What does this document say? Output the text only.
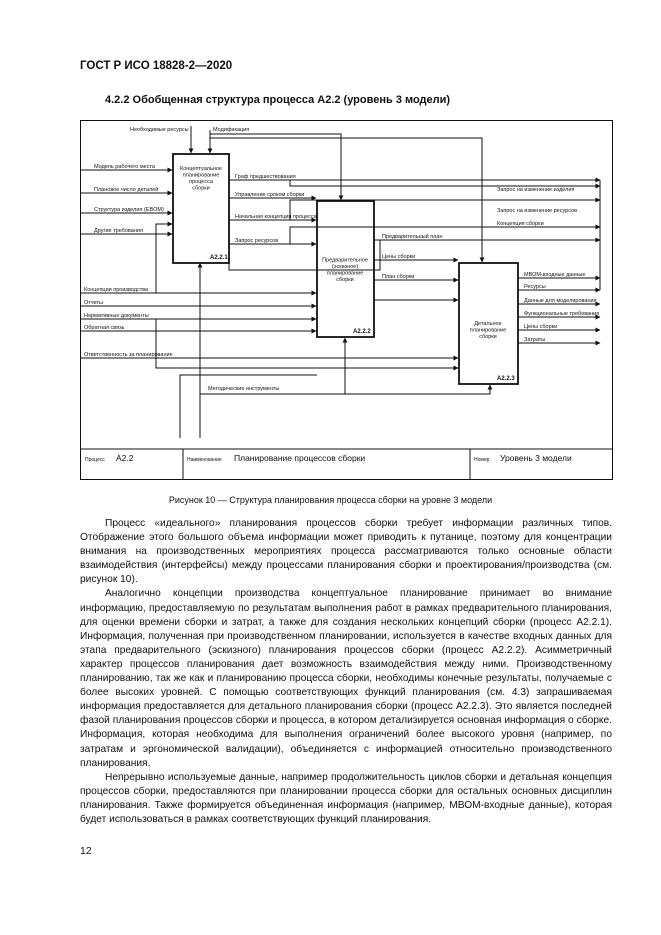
ГОСТ Р ИСО 18828-2—2020
4.2.2 Обобщенная структура процесса А2.2 (уровень 3 модели)
Необходимые ресурсы	Модификация
Модель рабочего места
Плановое число деталей
Структура изделия (EBOM)
Другие требования
Концепции производства
Отчеты
Нормативные документы
Обратная связь
Ответственность за планирование
Граф предшествования
Управление сроком сборки
Начальная концепция процесса
Запрос ресурсов
Предварительный план
Цены сборки
План сборки
Запрос на изменение изделия
Запрос на изменение ресурсов
Концепция сборки
МВОМ-входные данные
Ресурсы
Данные для моделирования
Функциональные требования
Цены сборки
Затраты
Методические инструменты
Концептуальное планирование процесса сборки
Предварительное (эскизное) планирование сборки
Детальное планирование сборки
A2.2.1
A2.2.2
A2.2.3
Процесс A2.2	Наименование Планирование процессов сборки	Номер Уровень 3 модели
Рисунок 10 — Структура планирования процесса сборки на уровне 3 модели

Процесс «идеального» планирования процессов сборки требует информации различных типов. Отображение этого большого объема информации может приводить к путанице, поэтому для концентрации внимания на производственных мероприятиях процесса рассматриваются только основные области взаимодействия (интерфейсы) между процессами планирования сборки и проектирования/производства (см. рисунок 10).

Аналогично концепции производства концептуальное планирование принимает во внимание информацию, предоставляемую по результатам выполнения работ в рамках предварительного планирования, для оценки времени сборки и затрат, а также для создания нескольких концепций сборки (процесс A2.2.1). Информация, полученная при производственном планировании, используется в качестве входных данных для этапа предварительного (эскизного) планирования процессов сборки (процесс A2.2.2). Асимметричный характер процессов планирования дает возможность взаимодействия между ними. Производственному планированию, так же как и планированию процесса сборки, необходимы конечные результаты, получаемые с более высоких уровней. С помощью соответствующих функций планирования (см. 4.3) запрашиваемая информация предоставляется для детального планирования сборки (процесс A2.2.3). Это является последней фазой планирования процессов сборки и процесса, в котором детализируется основная информация о сборке. Информация, которая необходима для выполнения ограничений более высокого уровня (например, по затратам и эргономической валидации), объединяется с информацией относительно производственного планирования.

Непрерывно используемые данные, например продолжительность циклов сборки и детальная концепция процессов сборки, предоставляются при планировании процесса сборки для остальных основных дисциплин планирования. Также формируется объединенная информация (например, МВОМ-входные данные), которая будет использоваться в рамках соответствующих функций планирования.

12
